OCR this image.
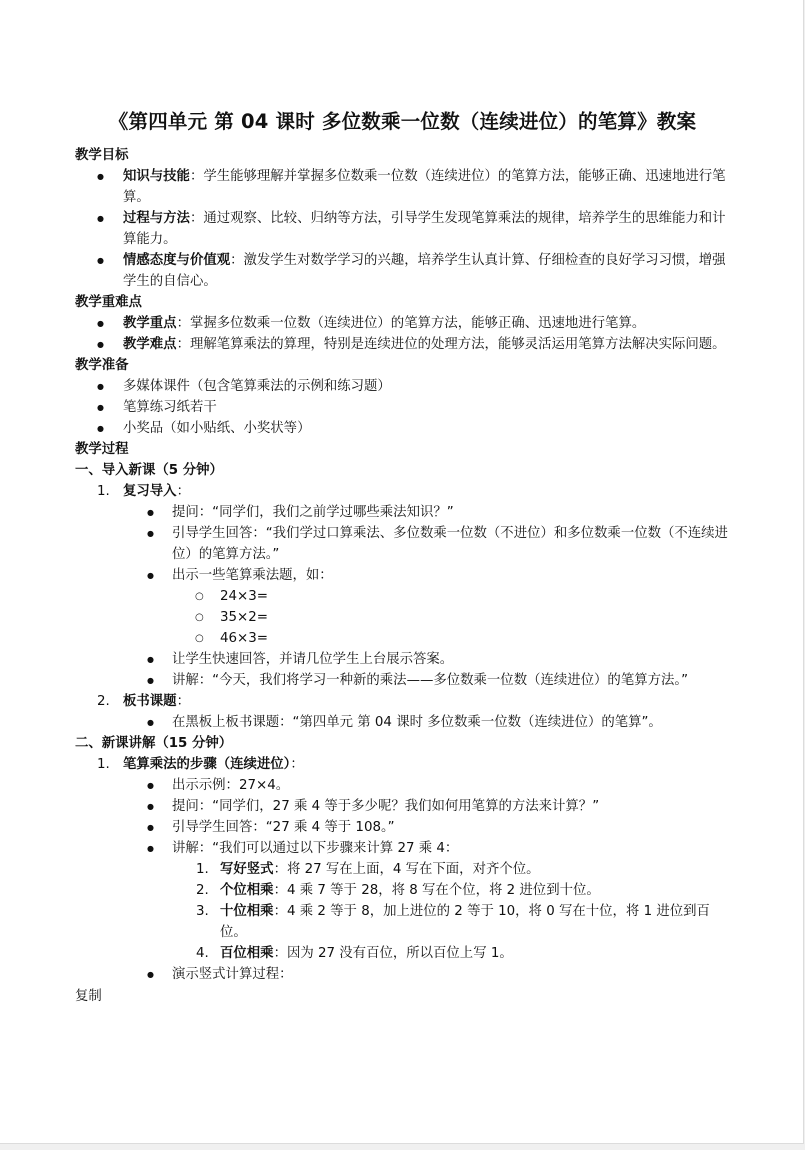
《第四单元 第 04 课时 多位数乘一位数（连续进位）的笔算》教案
教学目标
● 知识与技能：学生能够理解并掌握多位数乘一位数（连续进位）的笔算方法，能够正确、迅速地进行笔算。
● 过程与方法：通过观察、比较、归纳等方法，引导学生发现笔算乘法的规律，培养学生的思维能力和计算能力。
● 情感态度与价值观：激发学生对数学学习的兴趣，培养学生认真计算、仔细检查的良好学习习惯，增强学生的自信心。
教学重难点
● 教学重点：掌握多位数乘一位数（连续进位）的笔算方法，能够正确、迅速地进行笔算。
● 教学难点：理解笔算乘法的算理，特别是连续进位的处理方法，能够灵活运用笔算方法解决实际问题。
教学准备
● 多媒体课件（包含笔算乘法的示例和练习题）
● 笔算练习纸若干
● 小奖品（如小贴纸、小奖状等）
教学过程
一、导入新课（5 分钟）
1. 复习导入：
● 提问：“同学们，我们之前学过哪些乘法知识？”
● 引导学生回答：“我们学过口算乘法、多位数乘一位数（不进位）和多位数乘一位数（不连续进位）的笔算方法。”
● 出示一些笔算乘法题，如：
○ 24×3=
○ 35×2=
○ 46×3=
● 让学生快速回答，并请几位学生上台展示答案。
● 讲解：“今天，我们将学习一种新的乘法——多位数乘一位数（连续进位）的笔算方法。”
2. 板书课题：
● 在黑板上板书课题：“第四单元 第 04 课时 多位数乘一位数（连续进位）的笔算”。
二、新课讲解（15 分钟）
1. 笔算乘法的步骤（连续进位）：
● 出示示例：27×4。
● 提问：“同学们，27 乘 4 等于多少呢？我们如何用笔算的方法来计算？”
● 引导学生回答：“27 乘 4 等于 108。”
● 讲解：“我们可以通过以下步骤来计算 27 乘 4：
1. 写好竖式：将 27 写在上面，4 写在下面，对齐个位。
2. 个位相乘：4 乘 7 等于 28，将 8 写在个位，将 2 进位到十位。
3. 十位相乘：4 乘 2 等于 8，加上进位的 2 等于 10，将 0 写在十位，将 1 进位到百位。
4. 百位相乘：因为 27 没有百位，所以百位上写 1。
● 演示竖式计算过程：
复制
